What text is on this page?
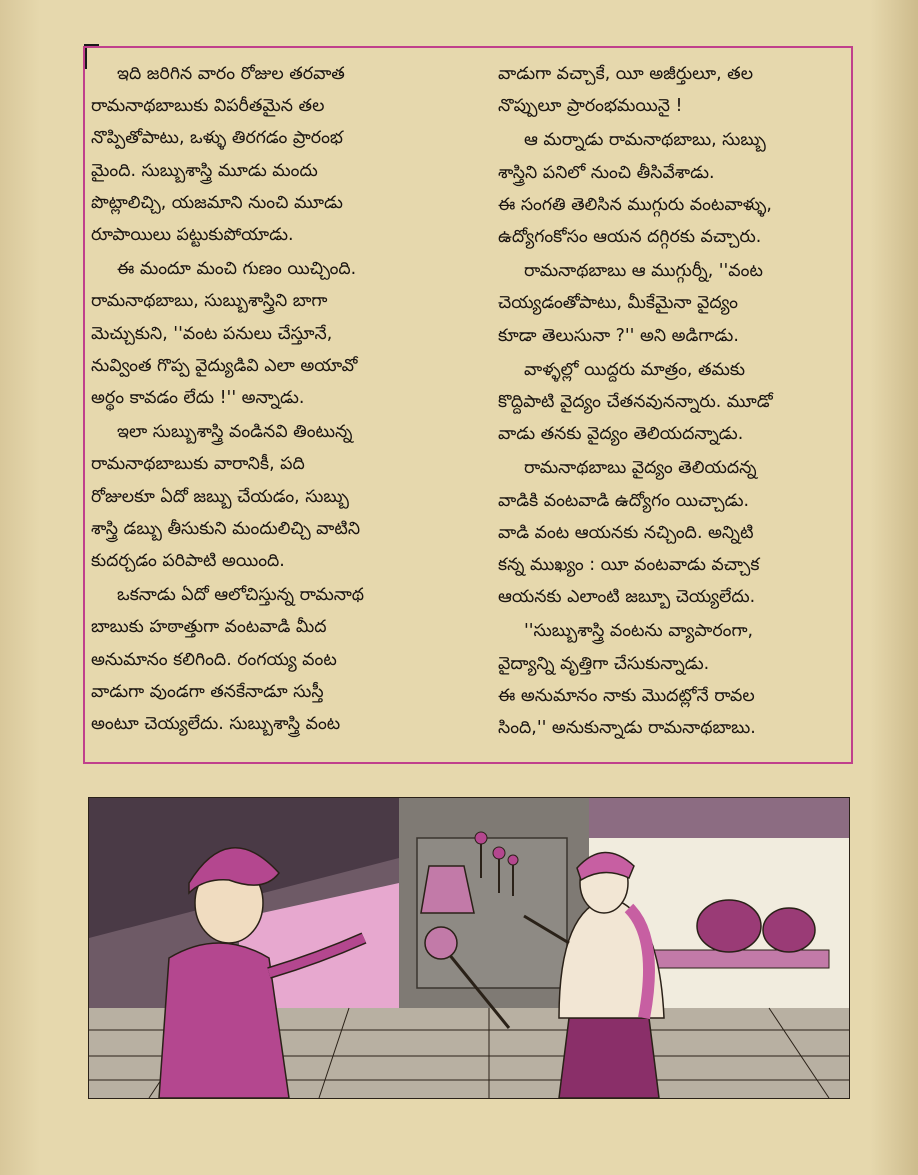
ఇది జరిగిన వారం రోజుల తరవాత
రామనాథబాబుకు విపరీతమైన తల
నొప్పితోపాటు, ఒళ్ళు తిరగడం ప్రారంభ
మైంది. సుబ్బుశాస్త్రి మూడు మందు
పొట్లాలిచ్చి, యజమాని నుంచి మూడు
రూపాయిలు పట్టుకుపోయాడు.

ఈ మందూ మంచి గుణం యిచ్చింది.
రామనాథబాబు, సుబ్బుశాస్త్రిని బాగా
మెచ్చుకుని, ''వంట పనులు చేస్తూనే,
నువ్వింత గొప్ప వైద్యుడివి ఎలా అయావో
అర్థం కావడం లేదు !'' అన్నాడు.

ఇలా సుబ్బుశాస్త్రి వండినవి తింటున్న
రామనాథబాబుకు వారానికీ, పది
రోజులకూ ఏదో జబ్బు చేయడం, సుబ్బు
శాస్త్రి డబ్బు తీసుకుని మందులిచ్చి వాటిని
కుదర్చడం పరిపాటి అయింది.

ఒకనాడు ఏదో ఆలోచిస్తున్న రామనాథ
బాబుకు హఠాత్తుగా వంటవాడి మీద
అనుమానం కలిగింది. రంగయ్య వంట
వాడుగా వుండగా తనకేనాడూ సుస్తీ
అంటూ చెయ్యలేదు. సుబ్బుశాస్త్రి వంట

వాడుగా వచ్చాకే, యీ అజీర్తులూ, తల
నొప్పులూ ప్రారంభమయినై !

ఆ మర్నాడు రామనాథబాబు, సుబ్బు
శాస్త్రిని పనిలో నుంచి తీసివేశాడు.
ఈ సంగతి తెలిసిన ముగ్గురు వంటవాళ్ళు,
ఉద్యోగంకోసం ఆయన దగ్గిరకు వచ్చారు.

రామనాథబాబు ఆ ముగ్గుర్నీ, ''వంట
చెయ్యడంతోపాటు, మీకేమైనా వైద్యం
కూడా తెలుసునా ?'' అని అడిగాడు.

వాళ్ళల్లో యిద్దరు మాత్రం, తమకు
కొద్దిపాటి వైద్యం చేతనవునన్నారు. మూడో
వాడు తనకు వైద్యం తెలియదన్నాడు.

రామనాథబాబు వైద్యం తెలియదన్న
వాడికి వంటవాడి ఉద్యోగం యిచ్చాడు.
వాడి వంట ఆయనకు నచ్చింది. అన్నిటి
కన్న ముఖ్యం : యీ వంటవాడు వచ్చాక
ఆయనకు ఎలాంటి జబ్బూ చెయ్యలేదు.

''సుబ్బుశాస్త్రి వంటను వ్యాపారంగా,
వైద్యాన్ని వృత్తిగా చేసుకున్నాడు.
ఈ అనుమానం నాకు మొదట్లోనే రావల
సింది,'' అనుకున్నాడు రామనాథబాబు.
